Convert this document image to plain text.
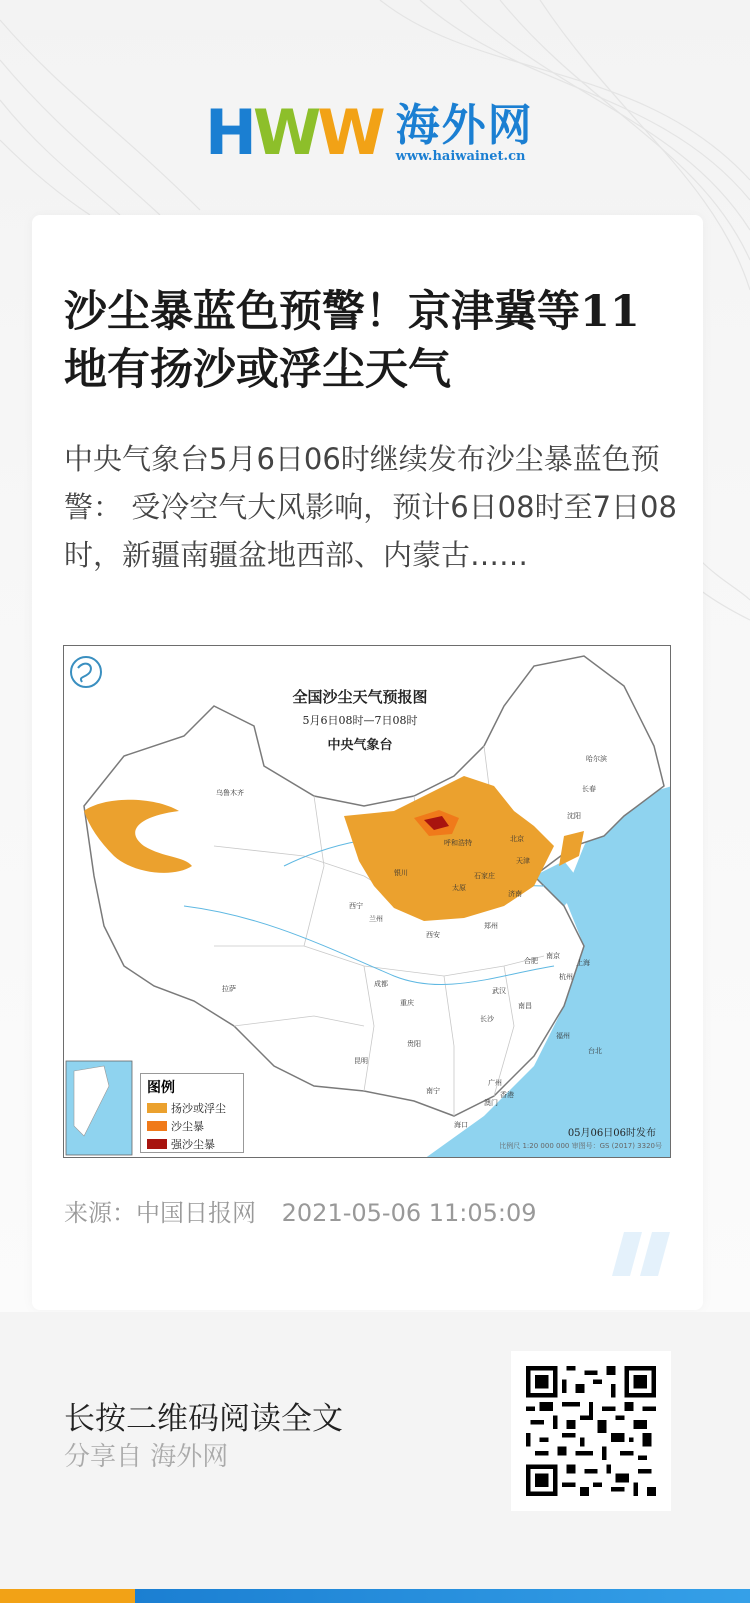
H W W 海外网
www.haiwainet.cn
沙尘暴蓝色预警！京津冀等11地有扬沙或浮尘天气
中央气象台5月6日06时继续发布沙尘暴蓝色预警： 受冷空气大风影响，预计6日08时至7日08时，新疆南疆盆地西部、内蒙古……
全国沙尘天气预报图
5月6日08时—7日08时
中央气象台
乌鲁木齐
拉萨
西宁
兰州
银川
呼和浩特	北京
天津
石家庄
太原
济南
西安
郑州
成都
重庆
武汉
合肥
南京
上海
杭州
长沙
南昌
福州
台北
贵阳
昆明
南宁
广州
海口
香港
澳门
沈阳
长春
哈尔滨
图例
扬沙或浮尘
沙尘暴
强沙尘暴
05月06日06时发布
比例尺 1:20 000 000 审图号：GS (2017) 3320号
来源：中国日报网 2021-05-06 11:05:09
长按二维码阅读全文
分享自 海外网
